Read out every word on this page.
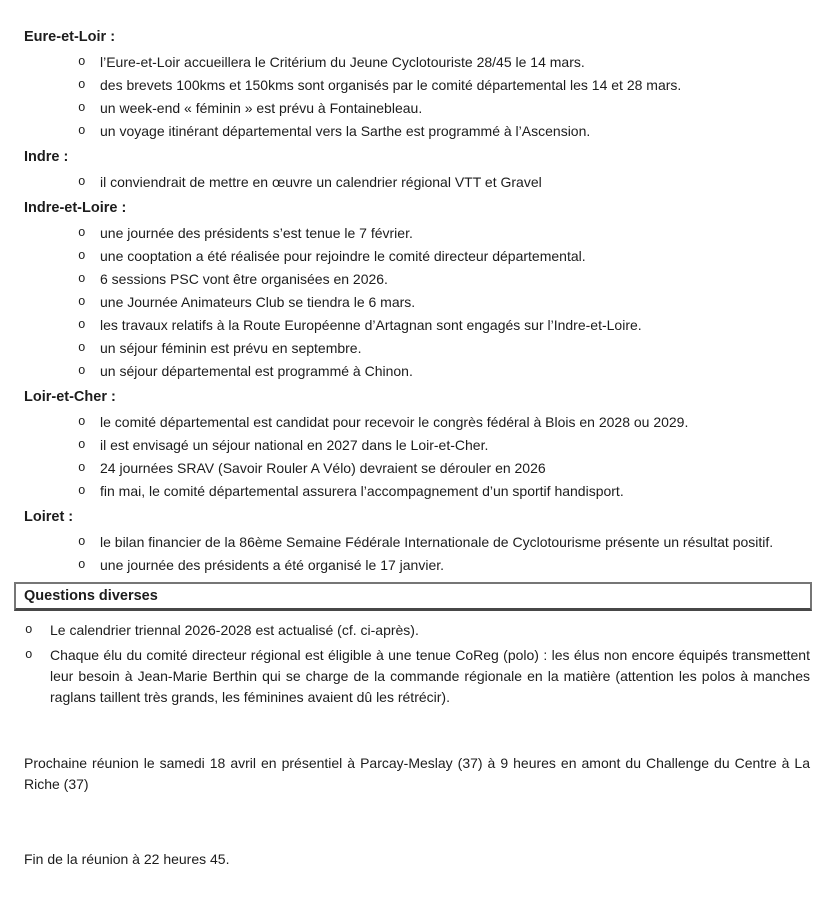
Eure-et-Loir :
o	l’Eure-et-Loir accueillera le Critérium du Jeune Cyclotouriste 28/45 le 14 mars.
o	des brevets 100kms et 150kms sont organisés par le comité départemental les 14 et 28 mars.
o	un week-end « féminin » est prévu à Fontainebleau.
o	un voyage itinérant départemental vers la Sarthe est programmé à l’Ascension.
Indre :
o	il conviendrait de mettre en œuvre un calendrier régional VTT et Gravel
Indre-et-Loire :
o	une journée des présidents s’est tenue le 7 février.
o	une cooptation a été réalisée pour rejoindre le comité directeur départemental.
o	6 sessions PSC vont être organisées en 2026.
o	une Journée Animateurs Club se tiendra le 6 mars.
o	les travaux relatifs à la Route Européenne d’Artagnan sont engagés sur l’Indre-et-Loire.
o	un séjour féminin est prévu en septembre.
o	un séjour départemental est programmé à Chinon.
Loir-et-Cher :
o	le comité départemental est candidat pour recevoir le congrès fédéral à Blois en 2028 ou 2029.
o	il est envisagé un séjour national en 2027 dans le Loir-et-Cher.
o	24 journées SRAV (Savoir Rouler A Vélo) devraient se dérouler en 2026
o	fin mai, le comité départemental assurera l’accompagnement d’un sportif handisport.
Loiret :
o	le bilan financier de la 86ème Semaine Fédérale Internationale de Cyclotourisme présente un résultat positif.
o	une journée des présidents a été organisé le 17 janvier.
Questions diverses
o	Le calendrier triennal 2026-2028 est actualisé (cf. ci-après).
o	Chaque élu du comité directeur régional est éligible à une tenue CoReg (polo) : les élus non encore équipés transmettent leur besoin à Jean-Marie Berthin qui se charge de la commande régionale en la matière (attention les polos à manches raglans taillent très grands, les féminines avaient dû les rétrécir).

Prochaine réunion le samedi 18 avril en présentiel à Parcay-Meslay (37) à 9 heures en amont du Challenge du Centre à La Riche (37)

Fin de la réunion à 22 heures 45.
